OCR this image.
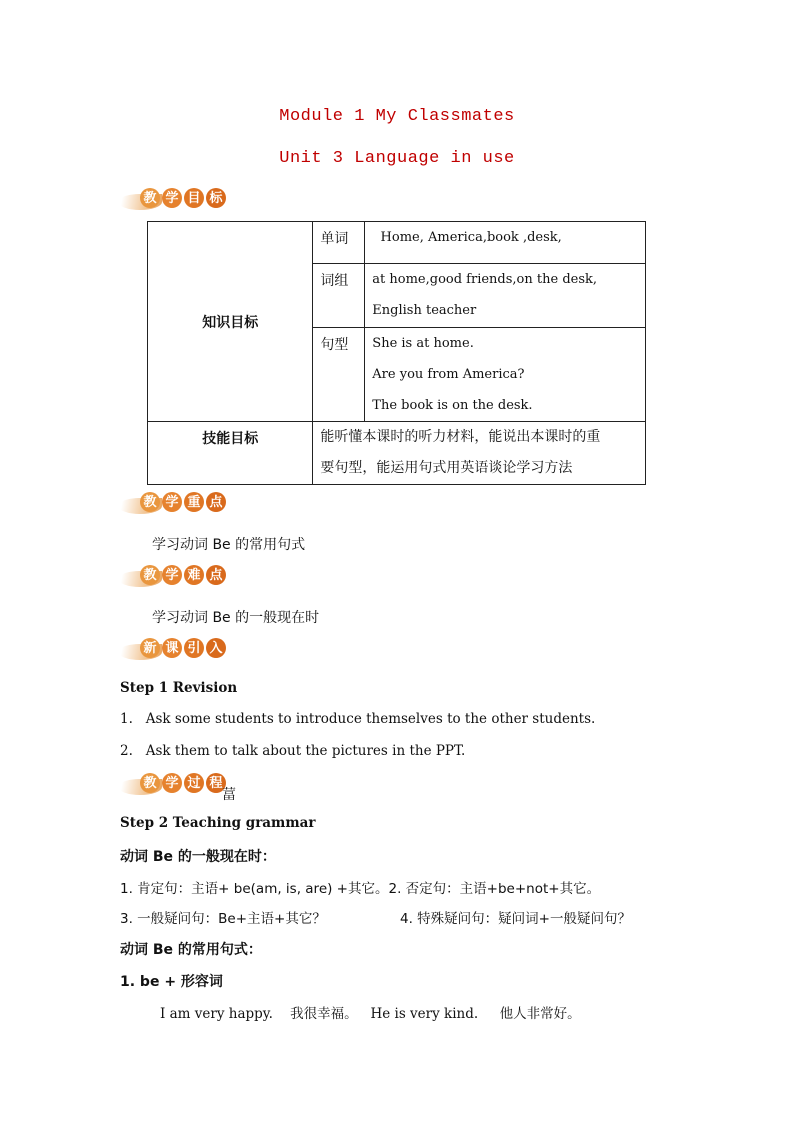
Module 1 My Classmates
Unit 3 Language in use
教 学 目 标
知识目标	单词	Home, America,book ,desk,

	词组	at home,good friends,on the desk,
English teacher

	句型	She is at home.
Are you from America?
The book is on the desk.

技能目标	能听懂本课时的听力材料，能说出本课时的重
要句型，能运用句式用英语谈论学习方法	
教 学 重 点
学习动词 Be 的常用句式
教 学 难 点
学习动词 Be 的一般现在时
新 课 引 入
Step 1 Revision
1.   Ask some students to introduce themselves to the other students.
2.   Ask them to talk about the pictures in the PPT.
教 学 过 程
葍
Step 2 Teaching grammar
动词 Be 的一般现在时：
1. 肯定句：主语+ be(am, is, are) +其它。2. 否定句：主语+be+not+其它。
3. 一般疑问句：Be+主语+其它？	4. 特殊疑问句：疑问词+一般疑问句？
动词 Be 的常用句式：
1. be + 形容词
I am very happy.    我很幸福。   He is very kind.     他人非常好。
